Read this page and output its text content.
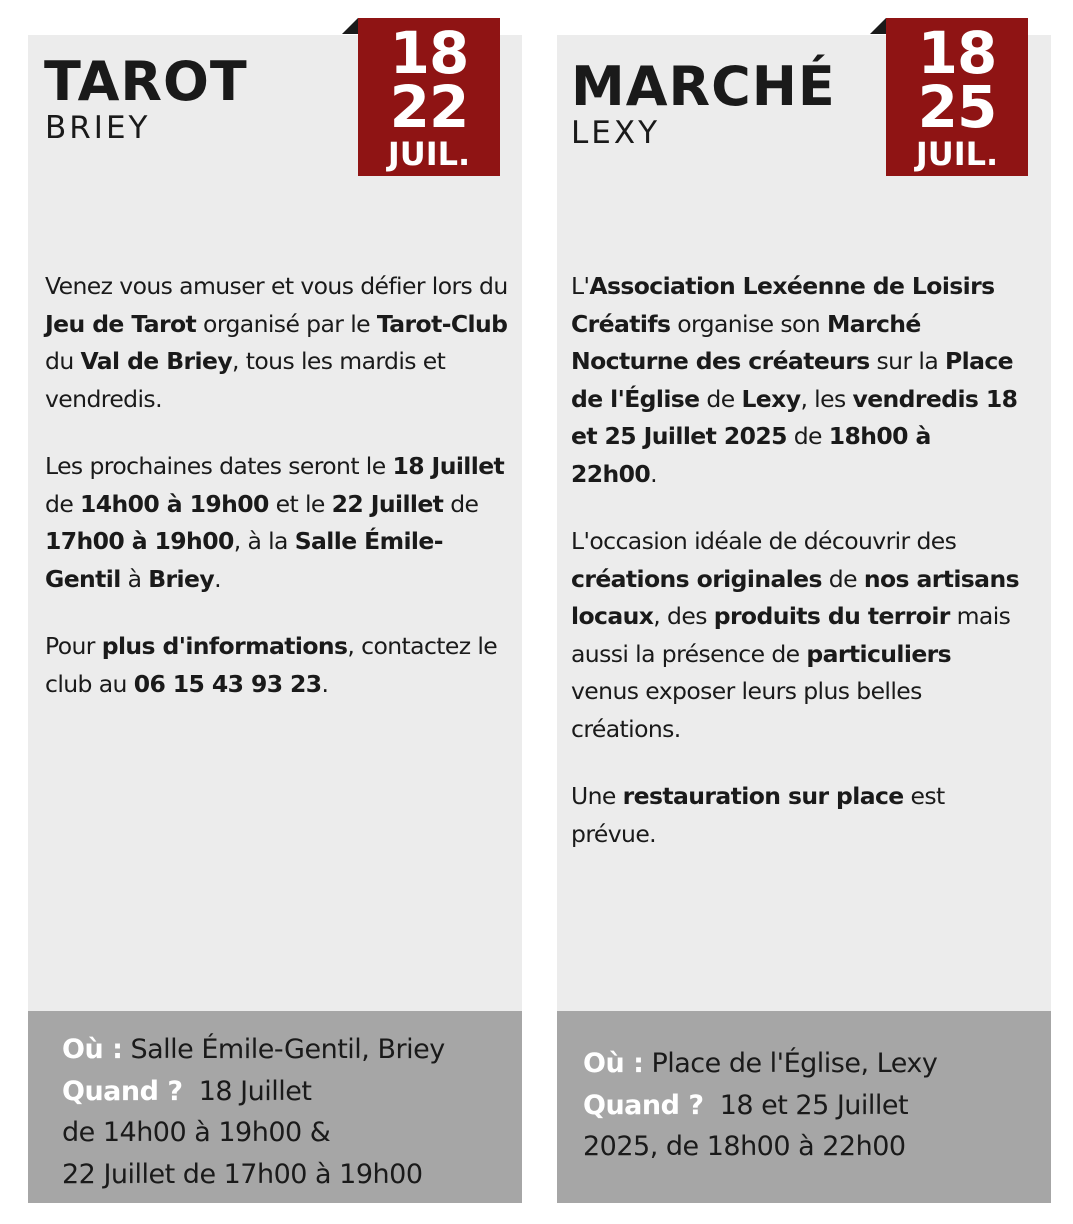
TAROT
BRIEY
18
22
JUIL.

Venez vous amuser et vous défier lors du Jeu de Tarot organisé par le Tarot-Club du Val de Briey, tous les mardis et vendredis.

Les prochaines dates seront le 18 Juillet de 14h00 à 19h00 et le 22 Juillet de 17h00 à 19h00, à la Salle Émile-Gentil à Briey.

Pour plus d'informations, contactez le club au 06 15 43 93 23.

Où : Salle Émile-Gentil, Briey
Quand ? 18 Juillet
de 14h00 à 19h00 &
22 Juillet de 17h00 à 19h00
MARCHÉ
LEXY
18
25
JUIL.

L'Association Lexéenne de Loisirs Créatifs organise son Marché Nocturne des créateurs sur la Place de l'Église de Lexy, les vendredis 18 et 25 Juillet 2025 de 18h00 à 22h00.

L'occasion idéale de découvrir des créations originales de nos artisans locaux, des produits du terroir mais aussi la présence de particuliers venus exposer leurs plus belles créations.

Une restauration sur place est prévue.

Où : Place de l'Église, Lexy
Quand ? 18 et 25 Juillet
2025, de 18h00 à 22h00
